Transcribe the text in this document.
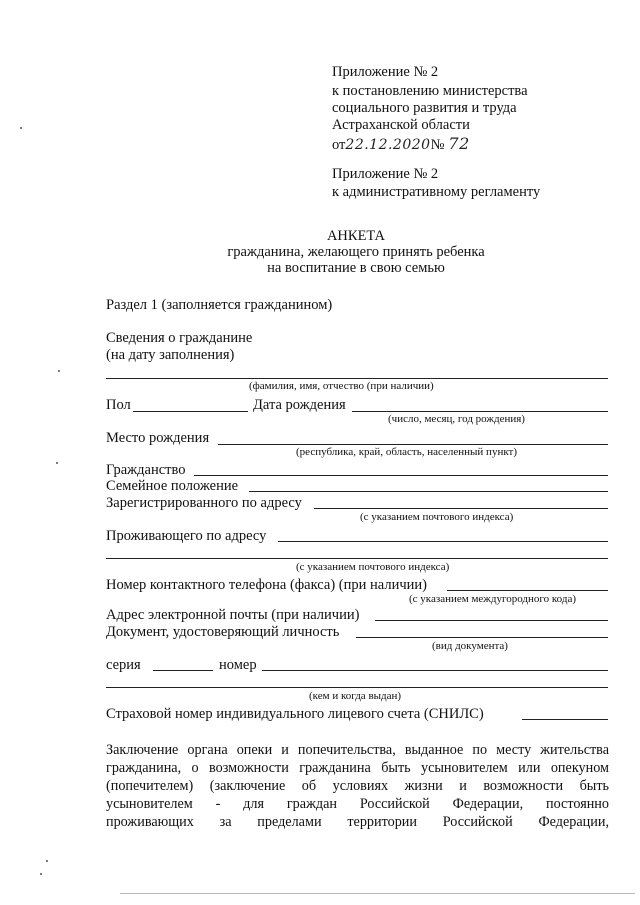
Приложение № 2
к постановлению министерства
социального развития и труда
Астраханской области
от22.12.2020№ 72
Приложение № 2
к административному регламенту
АНКЕТА
гражданина, желающего принять ребенка
на воспитание в свою семью
Раздел 1 (заполняется гражданином)
Сведения о гражданине
(на дату заполнения)
(фамилия, имя, отчество (при наличии)
Пол	Дата рождения
(число, месяц, год рождения)
Место рождения
(республика, край, область, населенный пункт)
Гражданство
Семейное положение
Зарегистрированного по адресу
(с указанием почтового индекса)
Проживающего по адресу
(с указанием почтового индекса)
Номер контактного телефона (факса) (при наличии)
(с указанием междугородного кода)
Адрес электронной почты (при наличии)
Документ, удостоверяющий личность
(вид документа)
серия	номер
(кем и когда выдан)
Страховой номер индивидуального лицевого счета (СНИЛС)
Заключение органа опеки и попечительства, выданное по месту жительства
гражданина, о возможности гражданина быть усыновителем или опекуном
(попечителем) (заключение об условиях жизни и возможности быть
усыновителем - для граждан Российской Федерации, постоянно
проживающих за пределами территории Российской Федерации,
